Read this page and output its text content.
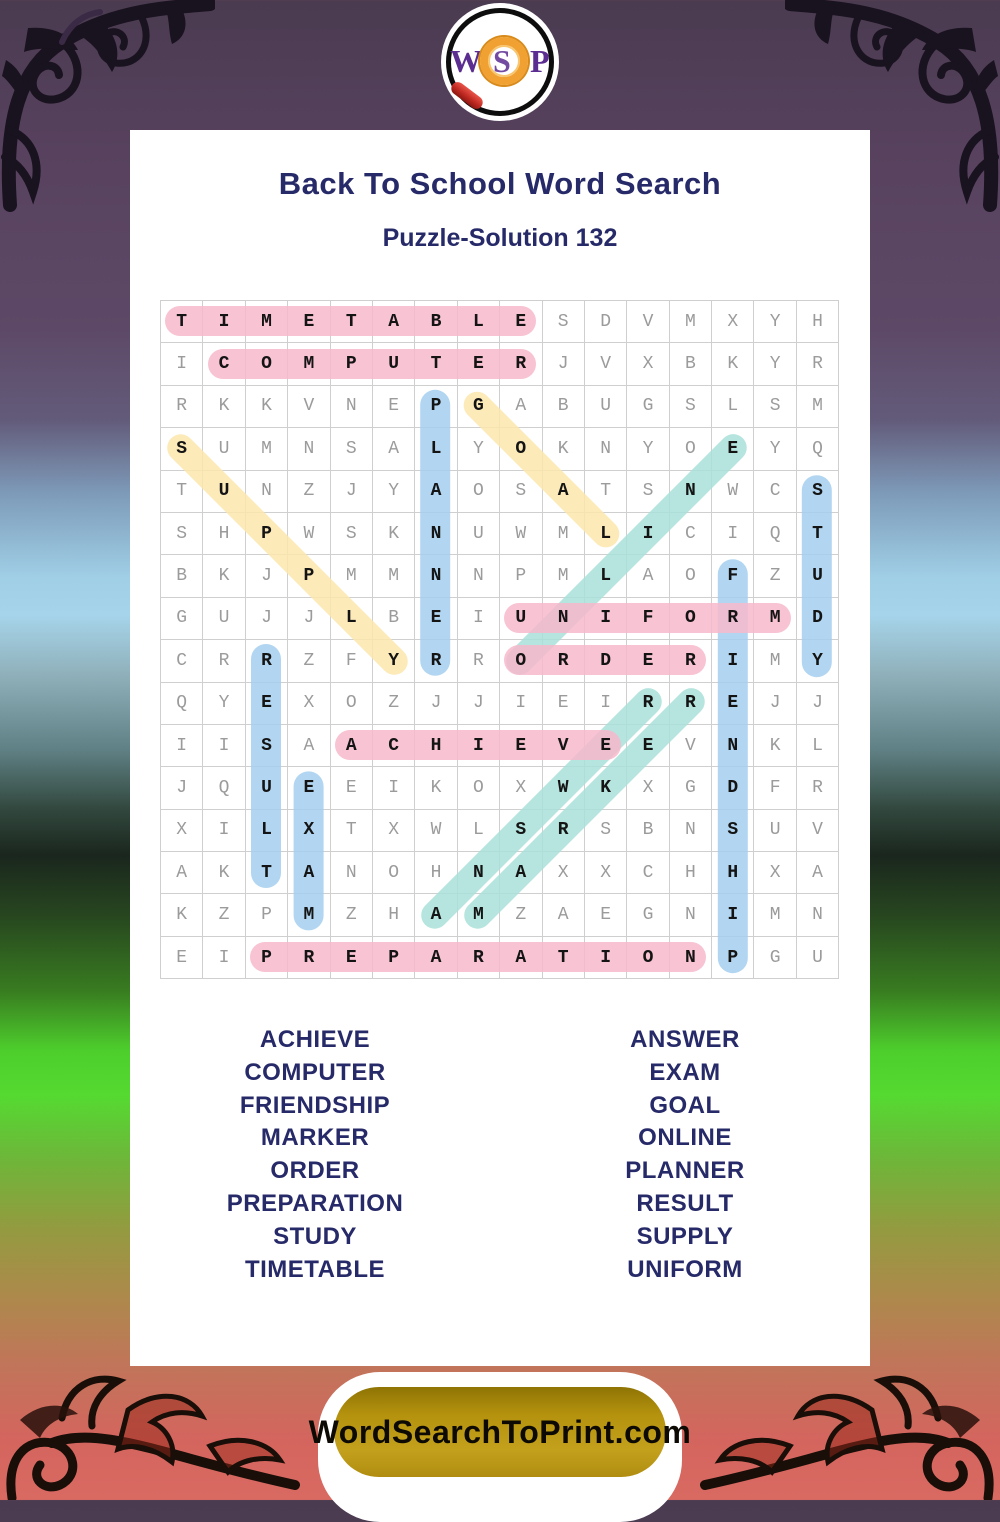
W S P
Back To School Word Search
Puzzle-Solution 132
T I M E T A B L E S D V M X Y H
I C O M P U T E R J V X B K Y R
R K K V N E P G A B U G S L S M
S U M N S A L Y O K N Y O E Y Q
T U N Z J Y A O S A T S N W C S
S H P W S K N U W M L I C I Q T
B K J P M M N N P M L A O F Z U
G U J J L B E I U N I F O R M D
C R R Z F Y R R O R D E R I M Y
Q Y E X O Z J J I E I R R E J J
I I S A A C H I E V E E V N K L
J Q U E E I K O X W K X G D F R
X I L X T X W L S R S B N S U V
A K T A N O H N A X X C H H X A
K Z P M Z H A M Z A E G N I M N
E I P R E P A R A T I O N P G U
ACHIEVE
COMPUTER
FRIENDSHIP
MARKER
ORDER
PREPARATION
STUDY
TIMETABLE
ANSWER
EXAM
GOAL
ONLINE
PLANNER
RESULT
SUPPLY
UNIFORM
WordSearchToPrint.com
